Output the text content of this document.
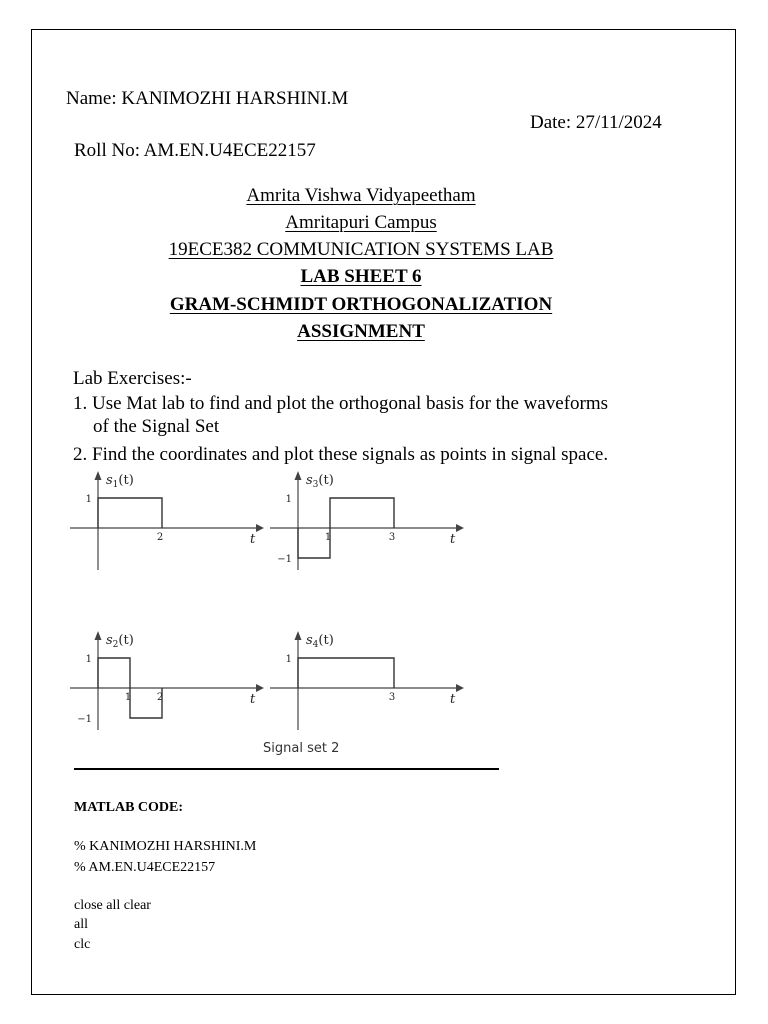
Name: KANIMOZHI HARSHINI.M
Date: 27/11/2024
Roll No: AM.EN.U4ECE22157
Amrita Vishwa Vidyapeetham
Amritapuri Campus
19ECE382 COMMUNICATION SYSTEMS LAB
LAB SHEET 6
GRAM-SCHMIDT ORTHOGONALIZATION
ASSIGNMENT
Lab Exercises:-
1. Use Mat lab to find and plot the orthogonal basis for the waveforms
of the Signal Set
2. Find the coordinates and plot these signals as points in signal space.
$s_1(t)$
t
1
2
$s_3(t)$
t
1
−1
1	3
$s_2(t)$
t
1
−1
1	2
$s_4(t)$
t
1
3
Signal set 2
MATLAB CODE:
% KANIMOZHI HARSHINI.M
% AM.EN.U4ECE22157
close all clear
all
clc
